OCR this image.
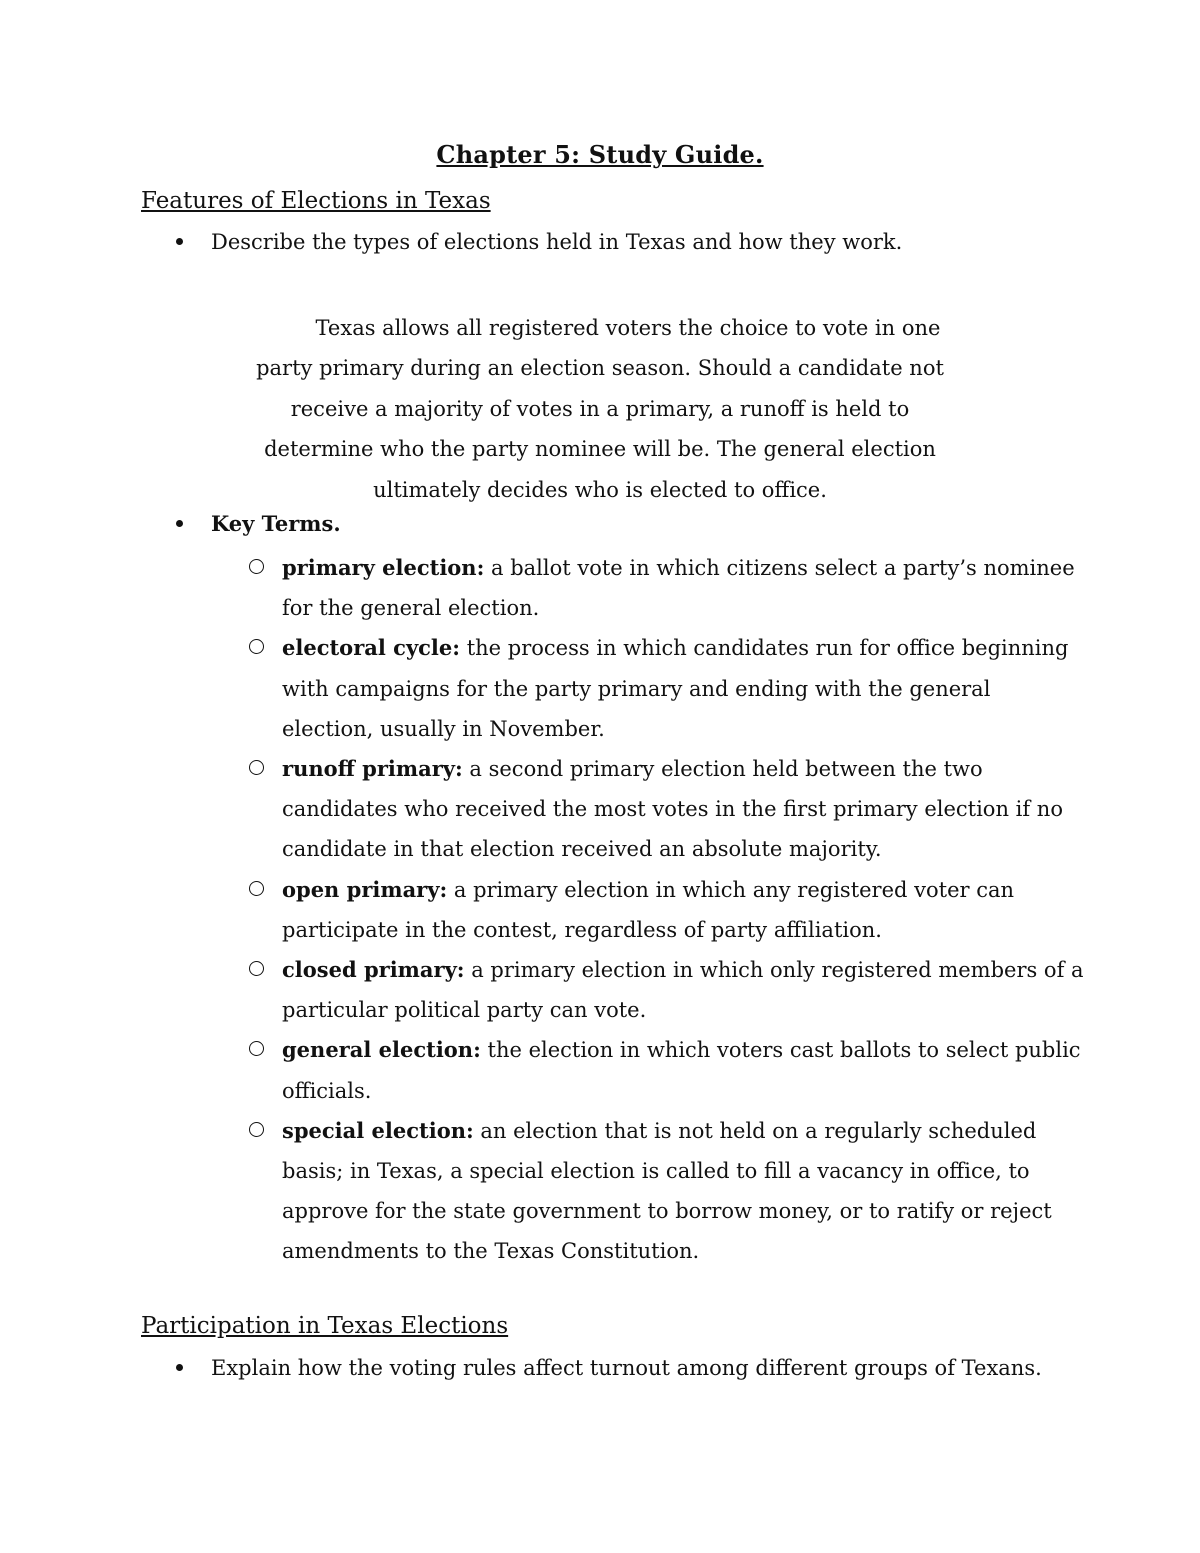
Chapter 5: Study Guide.
Features of Elections in Texas
Describe the types of elections held in Texas and how they work.
Texas allows all registered voters the choice to vote in one party primary during an election season. Should a candidate not receive a majority of votes in a primary, a runoff is held to determine who the party nominee will be. The general election ultimately decides who is elected to office.
Key Terms.
primary election: a ballot vote in which citizens select a party’s nominee for the general election.
electoral cycle: the process in which candidates run for office beginning with campaigns for the party primary and ending with the general election, usually in November.
runoff primary: a second primary election held between the two candidates who received the most votes in the first primary election if no candidate in that election received an absolute majority.
open primary: a primary election in which any registered voter can participate in the contest, regardless of party affiliation.
closed primary: a primary election in which only registered members of a particular political party can vote.
general election: the election in which voters cast ballots to select public officials.
special election: an election that is not held on a regularly scheduled basis; in Texas, a special election is called to fill a vacancy in office, to approve for the state government to borrow money, or to ratify or reject amendments to the Texas Constitution.
Participation in Texas Elections
Explain how the voting rules affect turnout among different groups of Texans.
